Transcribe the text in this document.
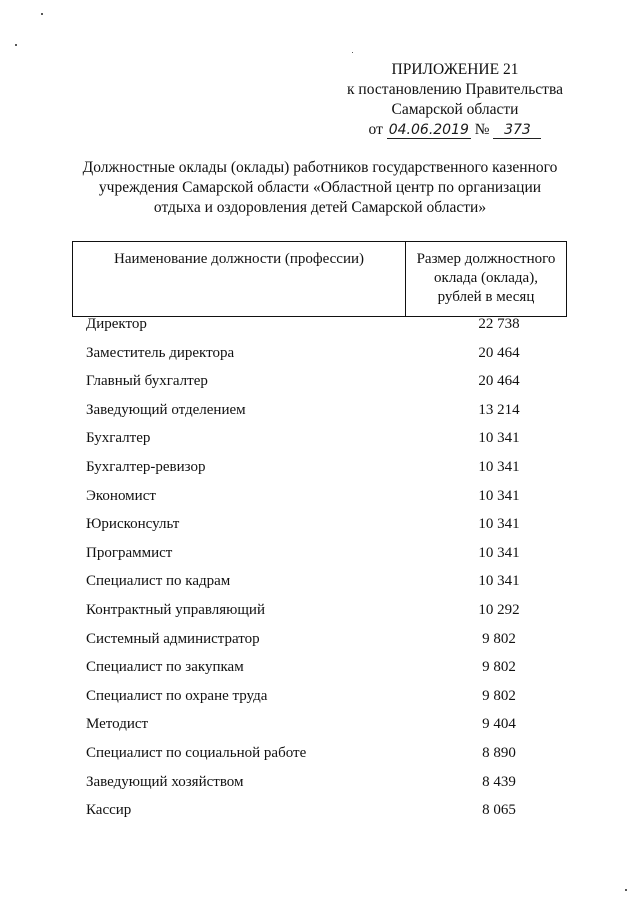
ПРИЛОЖЕНИЕ 21
к постановлению Правительства
Самарской области
от 04.06.2019 № 373
Должностные оклады (оклады) работников государственного казенного
учреждения Самарской области «Областной центр по организации
отдыха и оздоровления детей Самарской области»
Наименование должности (профессии)	Размер должностного
оклада (оклада),
рублей в месяц
Директор	22 738
Заместитель директора	20 464
Главный бухгалтер	20 464
Заведующий отделением	13 214
Бухгалтер	10 341
Бухгалтер-ревизор	10 341
Экономист	10 341
Юрисконсульт	10 341
Программист	10 341
Специалист по кадрам	10 341
Контрактный управляющий	10 292
Системный администратор	9 802
Специалист по закупкам	9 802
Специалист по охране труда	9 802
Методист	9 404
Специалист по социальной работе	8 890
Заведующий хозяйством	8 439
Кассир	8 065
